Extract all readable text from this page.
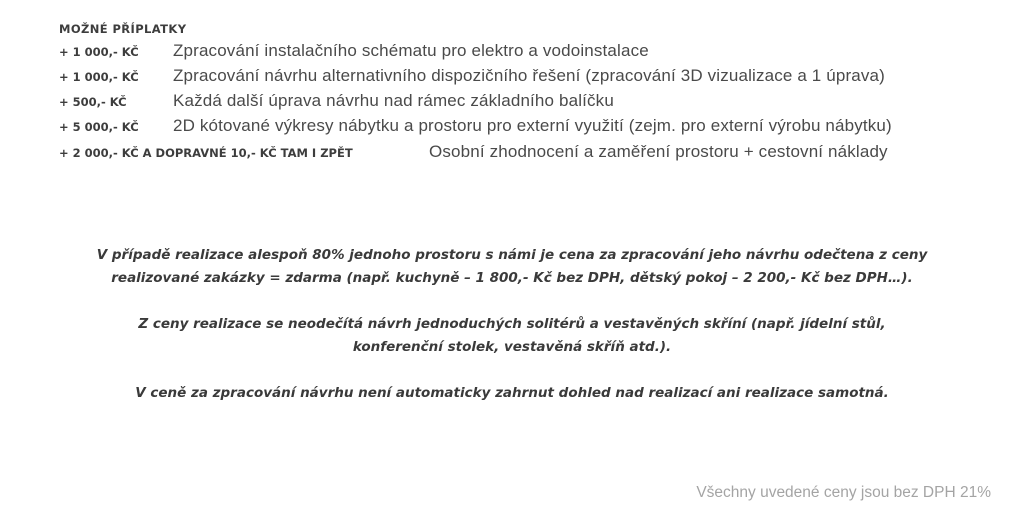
MOŽNÉ PŘÍPLATKY
+ 1 000,- KČ	Zpracování instalačního schématu pro elektro a vodoinstalace
+ 1 000,- KČ	Zpracování návrhu alternativního dispozičního řešení (zpracování 3D vizualizace a 1 úprava)
+ 500,- KČ	Každá další úprava návrhu nad rámec základního balíčku
+ 5 000,- KČ	2D kótované výkresy nábytku a prostoru pro externí využití (zejm. pro externí výrobu nábytku)
+ 2 000,- KČ A DOPRAVNÉ 10,- KČ TAM I ZPĚT	Osobní zhodnocení a zaměření prostoru + cestovní náklady

V případě realizace alespoň 80% jednoho prostoru s námi je cena za zpracování jeho návrhu odečtena z ceny
realizované zakázky = zdarma (např. kuchyně – 1 800,- Kč bez DPH, dětský pokoj – 2 200,- Kč bez DPH…).

Z ceny realizace se neodečítá návrh jednoduchých solitérů a vestavěných skříní (např. jídelní stůl,
konferenční stolek, vestavěná skříň atd.).

V ceně za zpracování návrhu není automaticky zahrnut dohled nad realizací ani realizace samotná.

Všechny uvedené ceny jsou bez DPH 21%
